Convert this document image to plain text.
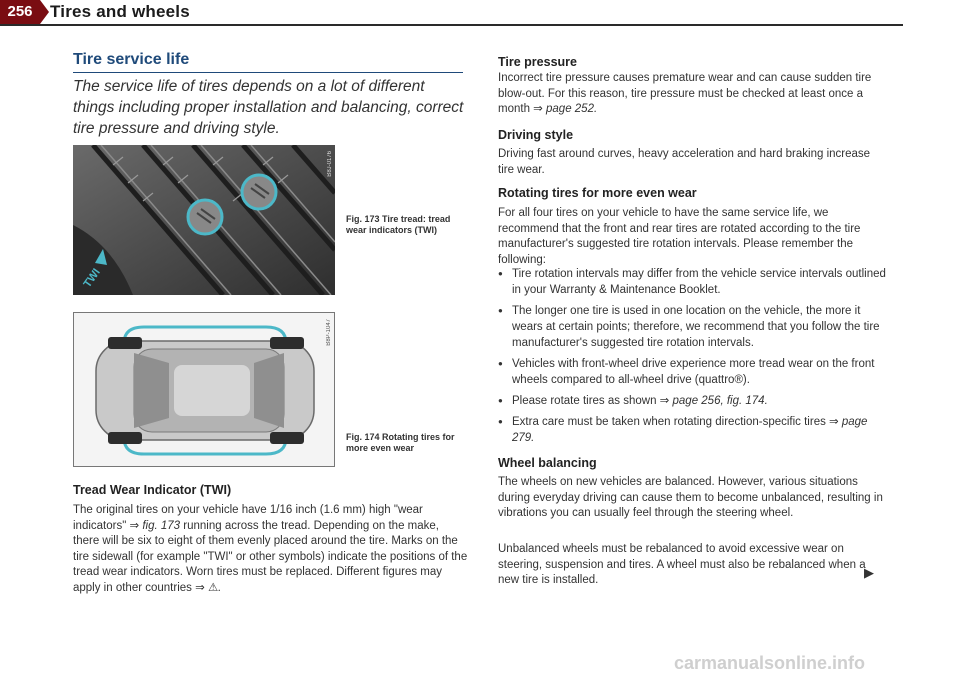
256	Tires and wheels
Tire service life
The service life of tires depends on a lot of different things including proper installation and balancing, correct tire pressure and driving style.
TWI
B8J-0176
Fig. 173 Tire tread: tread wear indicators (TWI)
B8P-1047
Fig. 174 Rotating tires for more even wear
Tread Wear Indicator (TWI)
The original tires on your vehicle have 1/16 inch (1.6 mm) high "wear indicators" ⇒ fig. 173 running across the tread. Depending on the make, there will be six to eight of them evenly placed around the tire. Marks on the tire sidewall (for example "TWI" or other symbols) indicate the positions of the tread wear indicators. Worn tires must be replaced. Different figures may apply in other countries ⇒ ⚠.
Tire pressure
Incorrect tire pressure causes premature wear and can cause sudden tire blow-out. For this reason, tire pressure must be checked at least once a month ⇒ page 252.
Driving style
Driving fast around curves, heavy acceleration and hard braking increase tire wear.
Rotating tires for more even wear
For all four tires on your vehicle to have the same service life, we recommend that the front and rear tires are rotated according to the tire manufacturer's suggested tire rotation intervals. Please remember the following:
● Tire rotation intervals may differ from the vehicle service intervals outlined in your Warranty & Maintenance Booklet.
● The longer one tire is used in one location on the vehicle, the more it wears at certain points; therefore, we recommend that you follow the tire manufacturer's suggested tire rotation intervals.
● Vehicles with front-wheel drive experience more tread wear on the front wheels compared to all-wheel drive (quattro®).
● Please rotate tires as shown ⇒ page 256, fig. 174.
● Extra care must be taken when rotating direction-specific tires ⇒ page 279.
Wheel balancing
The wheels on new vehicles are balanced. However, various situations during everyday driving can cause them to become unbalanced, resulting in vibrations you can usually feel through the steering wheel.
Unbalanced wheels must be rebalanced to avoid excessive wear on steering, suspension and tires. A wheel must also be rebalanced when a new tire is installed.	▶
carmanualsonline.info
